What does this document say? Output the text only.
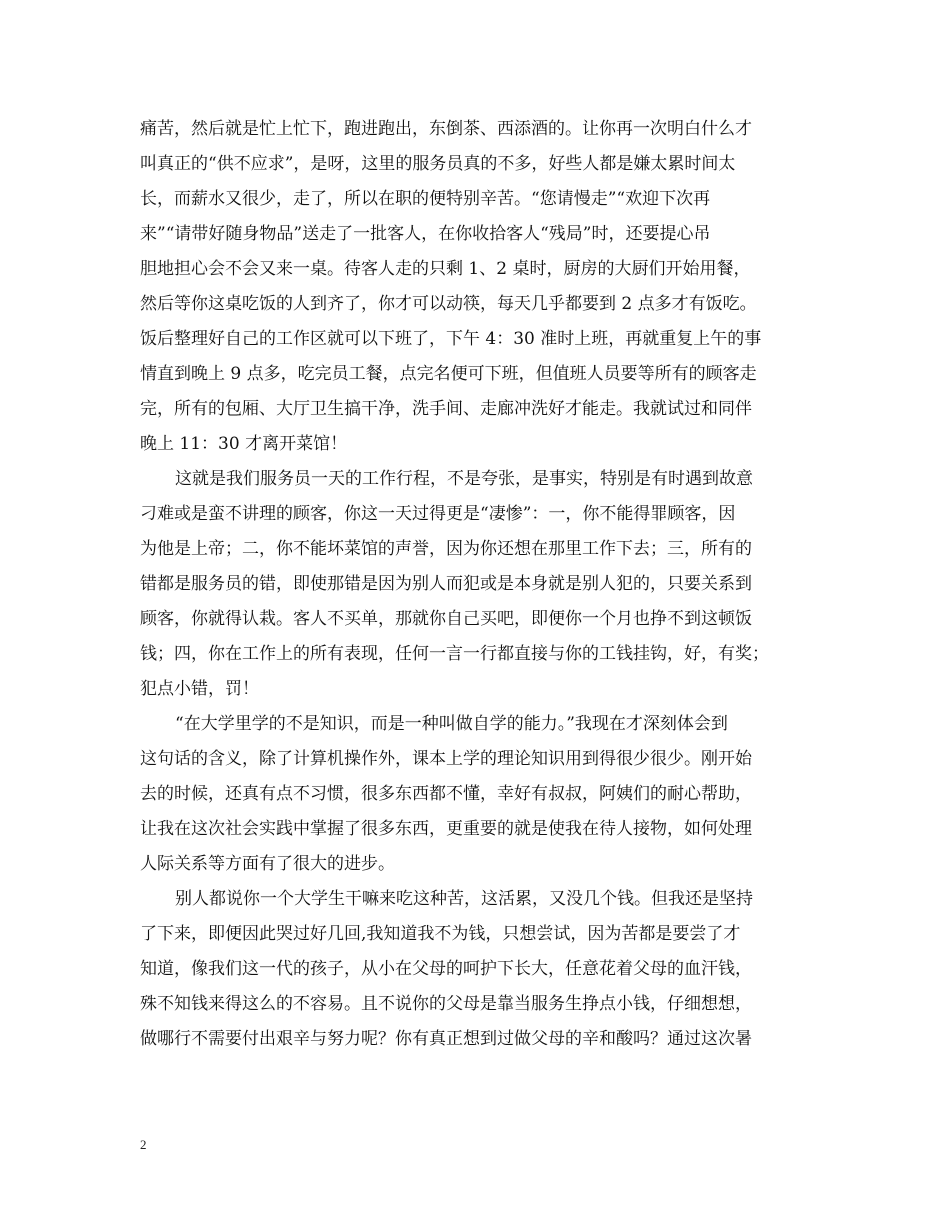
痛苦，然后就是忙上忙下，跑进跑出，东倒茶、西添酒的。让你再一次明白什么才
叫真正的“供不应求”，是呀，这里的服务员真的不多，好些人都是嫌太累时间太
长，而薪水又很少，走了，所以在职的便特别辛苦。“您请慢走”“欢迎下次再
来”“请带好随身物品”送走了一批客人，在你收拾客人“残局”时，还要提心吊
胆地担心会不会又来一桌。待客人走的只剩 1、2 桌时，厨房的大厨们开始用餐，
然后等你这桌吃饭的人到齐了，你才可以动筷，每天几乎都要到 2 点多才有饭吃。
饭后整理好自己的工作区就可以下班了，下午 4：30 准时上班，再就重复上午的事
情直到晚上 9 点多，吃完员工餐，点完名便可下班，但值班人员要等所有的顾客走
完，所有的包厢、大厅卫生搞干净，洗手间、走廊冲洗好才能走。我就试过和同伴
晚上 11：30 才离开菜馆！
这就是我们服务员一天的工作行程，不是夸张，是事实，特别是有时遇到故意
刁难或是蛮不讲理的顾客，你这一天过得更是“凄惨”：一，你不能得罪顾客，因
为他是上帝；二，你不能坏菜馆的声誉，因为你还想在那里工作下去；三，所有的
错都是服务员的错，即使那错是因为别人而犯或是本身就是别人犯的，只要关系到
顾客，你就得认栽。客人不买单，那就你自己买吧，即便你一个月也挣不到这顿饭
钱；四，你在工作上的所有表现，任何一言一行都直接与你的工钱挂钩，好，有奖；
犯点小错，罚！
“在大学里学的不是知识，而是一种叫做自学的能力。”我现在才深刻体会到
这句话的含义，除了计算机操作外，课本上学的理论知识用到得很少很少。刚开始
去的时候，还真有点不习惯，很多东西都不懂，幸好有叔叔，阿姨们的耐心帮助，
让我在这次社会实践中掌握了很多东西，更重要的就是使我在待人接物，如何处理
人际关系等方面有了很大的进步。
别人都说你一个大学生干嘛来吃这种苦，这活累，又没几个钱。但我还是坚持
了下来，即便因此哭过好几回,我知道我不为钱，只想尝试，因为苦都是要尝了才
知道，像我们这一代的孩子，从小在父母的呵护下长大，任意花着父母的血汗钱，
殊不知钱来得这么的不容易。且不说你的父母是靠当服务生挣点小钱，仔细想想，
做哪行不需要付出艰辛与努力呢？你有真正想到过做父母的辛和酸吗？通过这次暑
2
